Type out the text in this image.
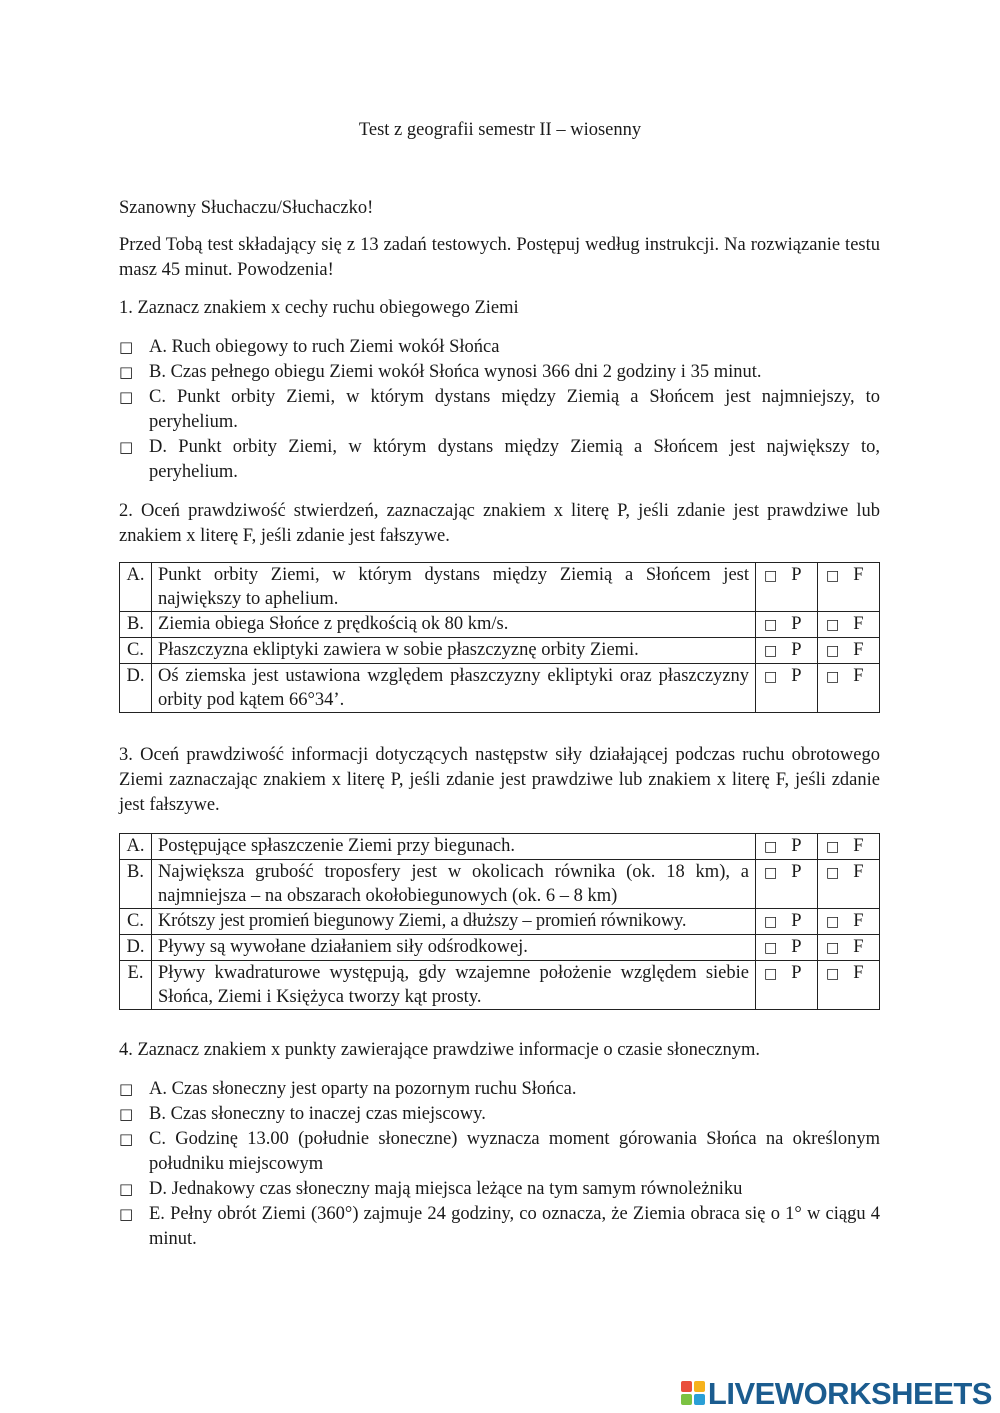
Test z geografii semestr II – wiosenny
Szanowny Słuchaczu/Słuchaczko!
Przed Tobą test składający się z 13 zadań testowych. Postępuj według instrukcji. Na rozwiązanie testu masz 45 minut. Powodzenia!
1. Zaznacz znakiem x cechy ruchu obiegowego Ziemi
□ A. Ruch obiegowy to ruch Ziemi wokół Słońca
□ B. Czas pełnego obiegu Ziemi wokół Słońca wynosi 366 dni 2 godziny i 35 minut.
□ C. Punkt orbity Ziemi, w którym dystans między Ziemią a Słońcem jest najmniejszy, to peryhelium.
□ D. Punkt orbity Ziemi, w którym dystans między Ziemią a Słońcem jest największy to, peryhelium.
2. Oceń prawdziwość stwierdzeń, zaznaczając znakiem x literę P, jeśli zdanie jest prawdziwe lub znakiem x literę F, jeśli zdanie jest fałszywe.
A.	Punkt orbity Ziemi, w którym dystans między Ziemią a Słońcem jest największy to aphelium.	□ P	□ F
B.	Ziemia obiega Słońce z prędkością ok 80 km/s.	□ P	□ F
C.	Płaszczyzna ekliptyki zawiera w sobie płaszczyznę orbity Ziemi.	□ P	□ F
D.	Oś ziemska jest ustawiona względem płaszczyzny ekliptyki oraz płaszczyzny orbity pod kątem 66°34’.	□ P	□ F
3. Oceń prawdziwość informacji dotyczących następstw siły działającej podczas ruchu obrotowego Ziemi zaznaczając znakiem x literę P, jeśli zdanie jest prawdziwe lub znakiem x literę F, jeśli zdanie jest fałszywe.
A.	Postępujące spłaszczenie Ziemi przy biegunach.	□ P	□ F
B.	Największa grubość troposfery jest w okolicach równika (ok. 18 km), a najmniejsza – na obszarach okołobiegunowych (ok. 6 – 8 km)	□ P	□ F
C.	Krótszy jest promień biegunowy Ziemi, a dłuższy – promień równikowy.	□ P	□ F
D.	Pływy są wywołane działaniem siły odśrodkowej.	□ P	□ F
E.	Pływy kwadraturowe występują, gdy wzajemne położenie względem siebie Słońca, Ziemi i Księżyca tworzy kąt prosty.	□ P	□ F
4. Zaznacz znakiem x punkty zawierające prawdziwe informacje o czasie słonecznym.
□ A. Czas słoneczny jest oparty na pozornym ruchu Słońca.
□ B. Czas słoneczny to inaczej czas miejscowy.
□ C. Godzinę 13.00 (południe słoneczne) wyznacza moment górowania Słońca na określonym południku miejscowym
□ D. Jednakowy czas słoneczny mają miejsca leżące na tym samym równoleżniku
□ E. Pełny obrót Ziemi (360°) zajmuje 24 godziny, co oznacza, że Ziemia obraca się o 1° w ciągu 4 minut.
LIVEWORKSHEETS
